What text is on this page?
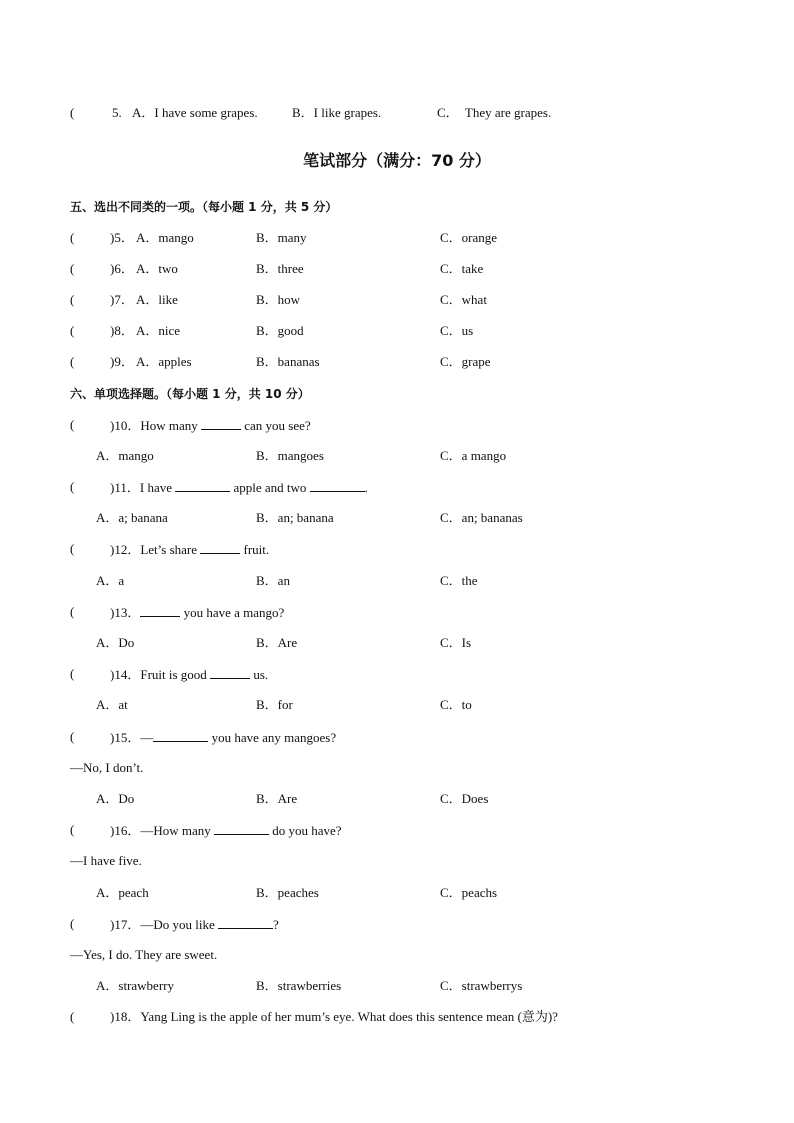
(	5. A．I have some grapes.	B．I like grapes.	C．  They are grapes.
笔试部分（满分：70 分）
五、选出不同类的一项。（每小题 1 分，共 5 分）
(	)5． A．mango	B．many	C．orange
(	)6． A．two	B．three	C．take
(	)7． A．like	B．how	C．what
(	)8． A．nice	B．good	C．us
(	)9． A．apples	B．bananas	C．grape
六、单项选择题。（每小题 1 分，共 10 分）
(	)10．How many	can you see?
A．mango	B．mangoes	C．a mango
(	)11．I have	apple and two	.
A．a; banana	B．an; banana	C．an; bananas
(	)12．Let’s share	fruit.
A．a	B．an	C．the
(	)13．	you have a mango?
A．Do	B．Are	C．Is
(	)14．Fruit is good	us.
A．at	B．for	C．to
(	)15．—	you have any mangoes?
—No, I don’t.
A．Do	B．Are	C．Does
(	)16．—How many	do you have?
—I have five.
A．peach	B．peaches	C．peachs
(	)17．—Do you like	?
—Yes, I do. They are sweet.
A．strawberry	B．strawberries	C．strawberrys
(	)18．Yang Ling is the apple of her mum’s eye. What does this sentence mean (意为)?
